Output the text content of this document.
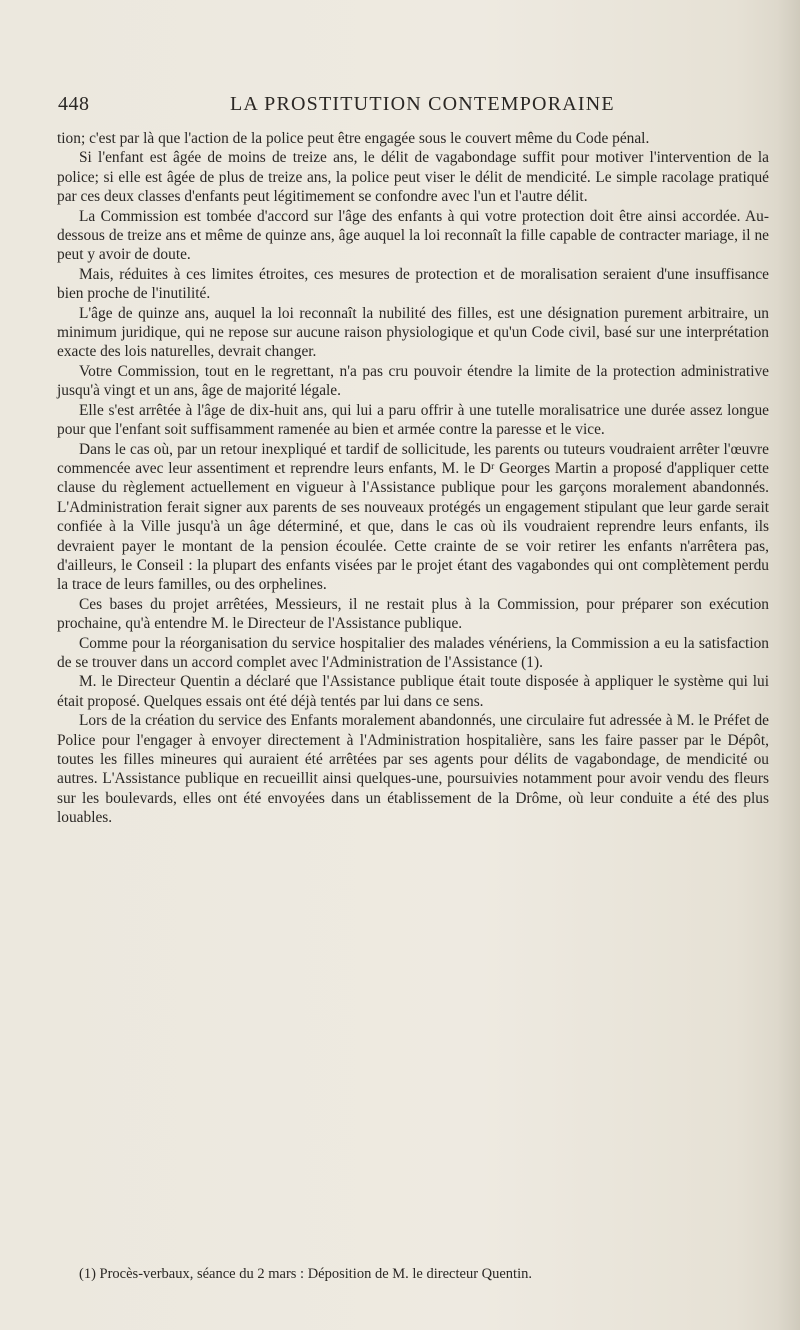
448	LA PROSTITUTION CONTEMPORAINE

tion; c'est par là que l'action de la police peut être engagée sous le couvert même du Code pénal.

Si l'enfant est âgée de moins de treize ans, le délit de vagabondage suffit pour motiver l'intervention de la police; si elle est âgée de plus de treize ans, la police peut viser le délit de mendicité. Le simple racolage pratiqué par ces deux classes d'enfants peut légitimement se confondre avec l'un et l'autre délit.

La Commission est tombée d'accord sur l'âge des enfants à qui votre protection doit être ainsi accordée. Au-dessous de treize ans et même de quinze ans, âge auquel la loi reconnaît la fille capable de contracter mariage, il ne peut y avoir de doute.

Mais, réduites à ces limites étroites, ces mesures de protection et de moralisation seraient d'une insuffisance bien proche de l'inutilité.

L'âge de quinze ans, auquel la loi reconnaît la nubilité des filles, est une désignation purement arbitraire, un minimum juridique, qui ne repose sur aucune raison physiologique et qu'un Code civil, basé sur une interprétation exacte des lois naturelles, devrait changer.

Votre Commission, tout en le regrettant, n'a pas cru pouvoir étendre la limite de la protection administrative jusqu'à vingt et un ans, âge de majorité légale.

Elle s'est arrêtée à l'âge de dix-huit ans, qui lui a paru offrir à une tutelle moralisatrice une durée assez longue pour que l'enfant soit suffisamment ramenée au bien et armée contre la paresse et le vice.

Dans le cas où, par un retour inexpliqué et tardif de sollicitude, les parents ou tuteurs voudraient arrêter l'œuvre commencée avec leur assentiment et reprendre leurs enfants, M. le Dʳ Georges Martin a proposé d'appliquer cette clause du règlement actuellement en vigueur à l'Assistance publique pour les garçons moralement abandonnés. L'Administration ferait signer aux parents de ses nouveaux protégés un engagement stipulant que leur garde serait confiée à la Ville jusqu'à un âge déterminé, et que, dans le cas où ils voudraient reprendre leurs enfants, ils devraient payer le montant de la pension écoulée. Cette crainte de se voir retirer les enfants n'arrêtera pas, d'ailleurs, le Conseil : la plupart des enfants visées par le projet étant des vagabondes qui ont complètement perdu la trace de leurs familles, ou des orphelines.

Ces bases du projet arrêtées, Messieurs, il ne restait plus à la Commission, pour préparer son exécution prochaine, qu'à entendre M. le Directeur de l'Assistance publique.

Comme pour la réorganisation du service hospitalier des malades vénériens, la Commission a eu la satisfaction de se trouver dans un accord complet avec l'Administration de l'Assistance (1).

M. le Directeur Quentin a déclaré que l'Assistance publique était toute disposée à appliquer le système qui lui était proposé. Quelques essais ont été déjà tentés par lui dans ce sens.

Lors de la création du service des Enfants moralement abandonnés, une circulaire fut adressée à M. le Préfet de Police pour l'engager à envoyer directement à l'Administration hospitalière, sans les faire passer par le Dépôt, toutes les filles mineures qui auraient été arrêtées par ses agents pour délits de vagabondage, de mendicité ou autres. L'Assistance publique en recueillit ainsi quelques-une, poursuivies notamment pour avoir vendu des fleurs sur les boulevards, elles ont été envoyées dans un établissement de la Drôme, où leur conduite a été des plus louables.

(1) Procès-verbaux, séance du 2 mars : Déposition de M. le directeur Quentin.
